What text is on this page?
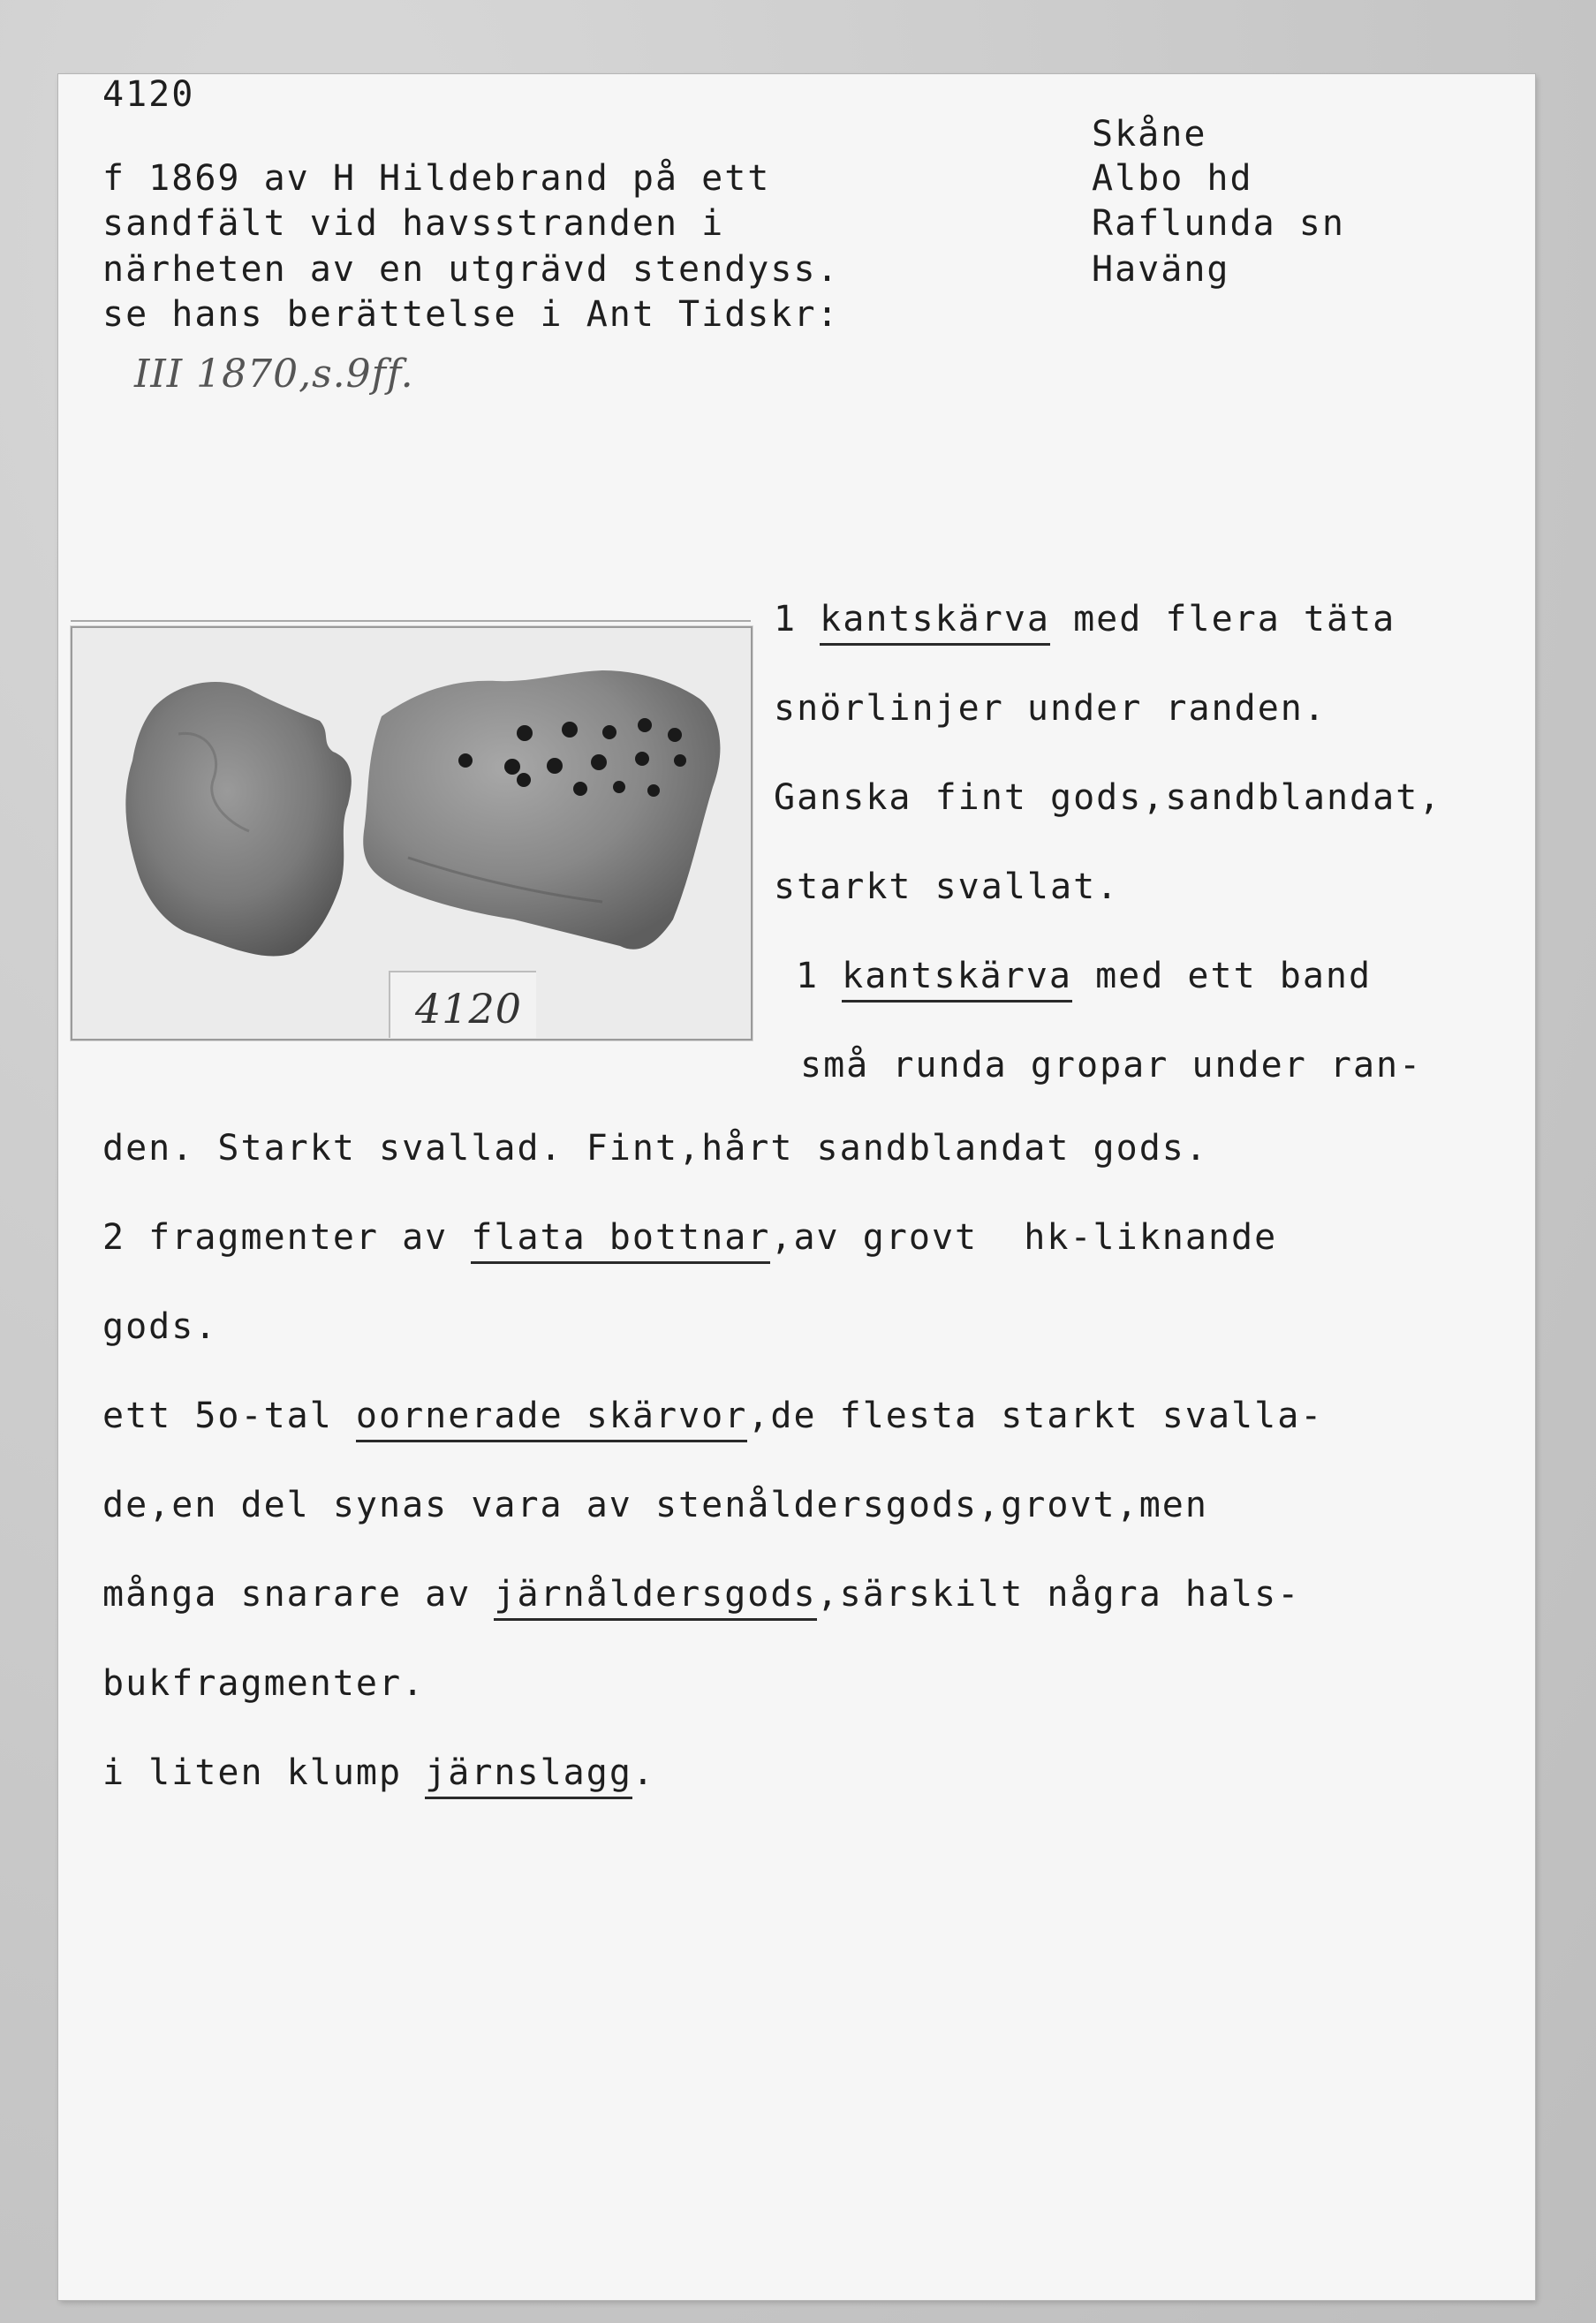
4120
f 1869 av H Hildebrand på ett
sandfält vid havsstranden i
närheten av en utgrävd stendyss.
se hans berättelse i Ant Tidskr:
III 1870,s.9ff.
Skåne
Albo hd
Raflunda sn
Haväng
4120
1 kantskärva med flera täta
snörlinjer under randen.
Ganska fint gods,sandblandat,
starkt svallat.
1 kantskärva med ett band
små runda gropar under ran-
den. Starkt svallad. Fint,hårt sandblandat gods.
2 fragmenter av flata bottnar,av grovt  hk-liknande
gods.
ett 5o-tal oornerade skärvor,de flesta starkt svalla-
de,en del synas vara av stenåldersgods,grovt,men
många snarare av järnåldersgods,särskilt några hals-
bukfragmenter.
i liten klump järnslagg.
